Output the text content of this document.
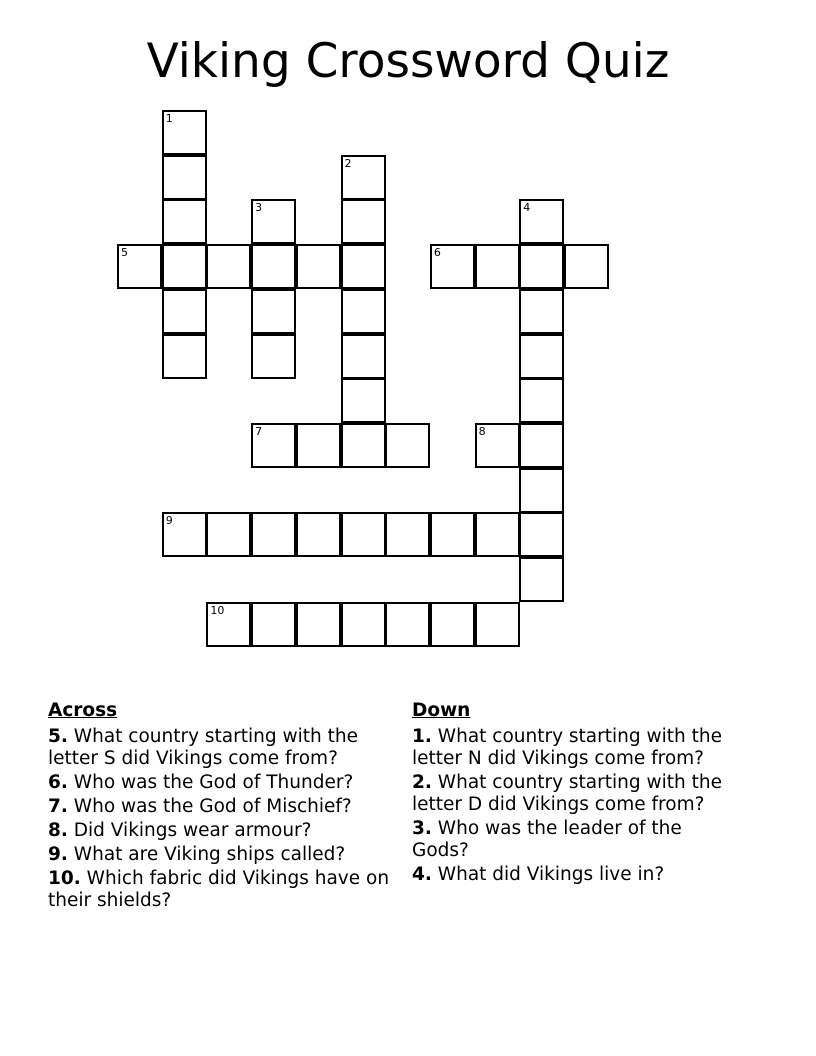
Viking Crossword Quiz
1
2
3	4
5	6
7	8
9
10
Across
5. What country starting with the letter S did Vikings come from?
6. Who was the God of Thunder?
7. Who was the God of Mischief?
8. Did Vikings wear armour?
9. What are Viking ships called?
10. Which fabric did Vikings have on their shields?
Down
1. What country starting with the letter N did Vikings come from?
2. What country starting with the letter D did Vikings come from?
3. Who was the leader of the Gods?
4. What did Vikings live in?
